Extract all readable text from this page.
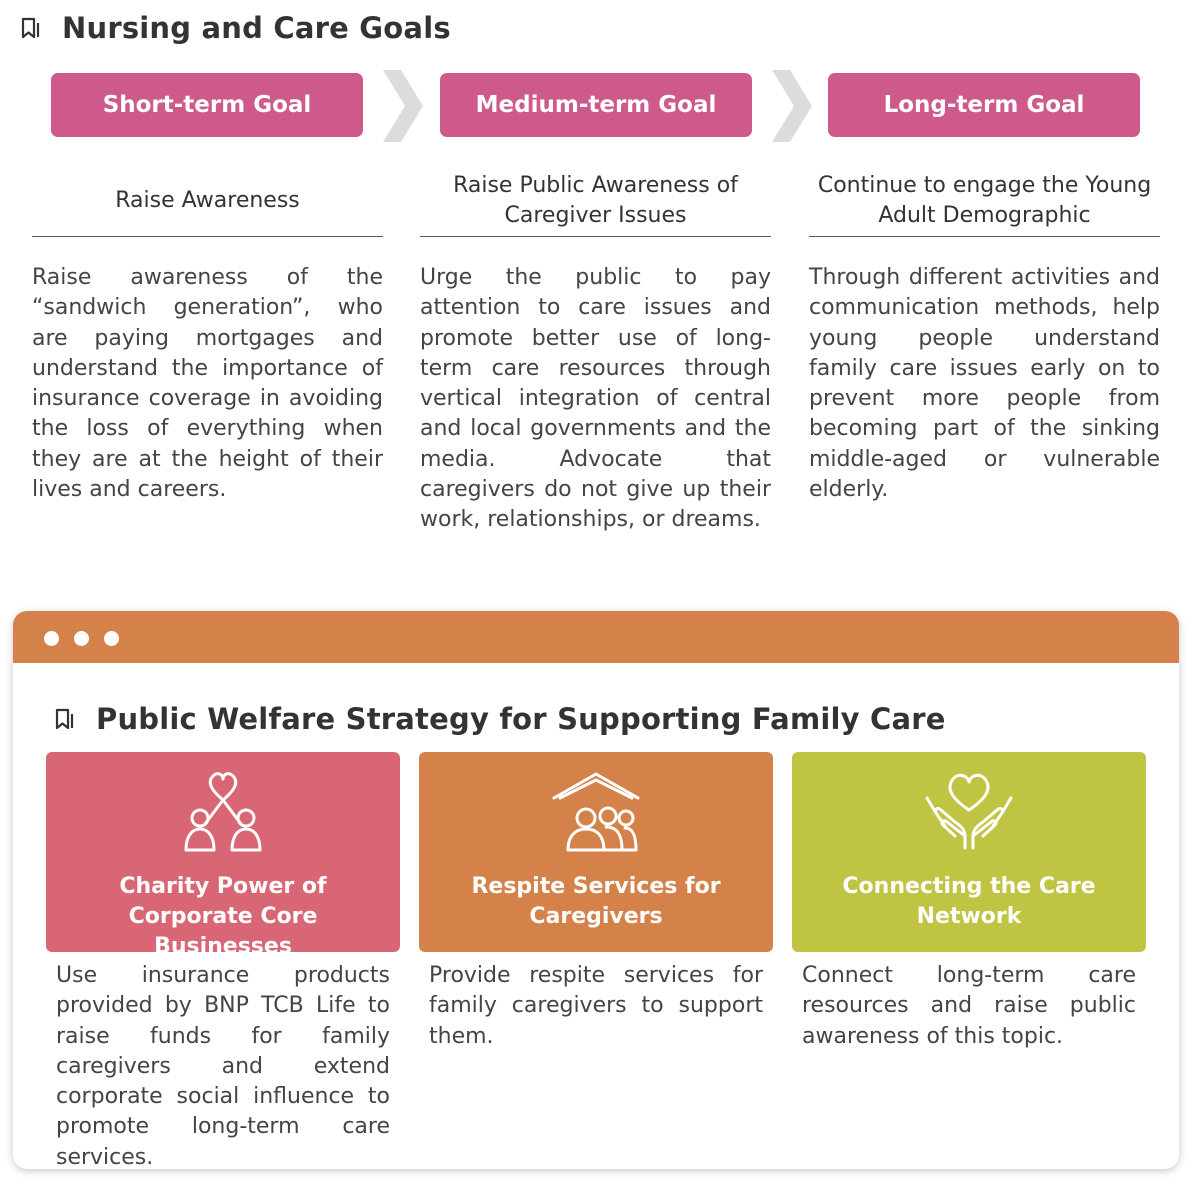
Nursing and Care Goals
Short-term Goal	Medium-term Goal	Long-term Goal
Raise Awareness
Raise Public Awareness of Caregiver Issues
Continue to engage the Young Adult Demographic

Raise awareness of the “sandwich generation”, who are paying mortgages and understand the importance of insurance coverage in avoiding the loss of everything when they are at the height of their lives and careers.

Urge the public to pay attention to care issues and promote better use of long-term care resources through vertical integration of central and local governments and the media. Advocate that caregivers do not give up their work, relationships, or dreams.

Through different activities and communication methods, help young people understand family care issues early on to prevent more people from becoming part of the sinking middle-aged or vulnerable elderly.

Public Welfare Strategy for Supporting Family Care
Charity Power of Corporate Core Businesses

Use insurance products provided by BNP TCB Life to raise funds for family caregivers and extend corporate social influence to promote long-term care services.

Respite Services for Caregivers

Provide respite services for family caregivers to support them.

Connecting the Care Network

Connect long-term care resources and raise public awareness of this topic.
